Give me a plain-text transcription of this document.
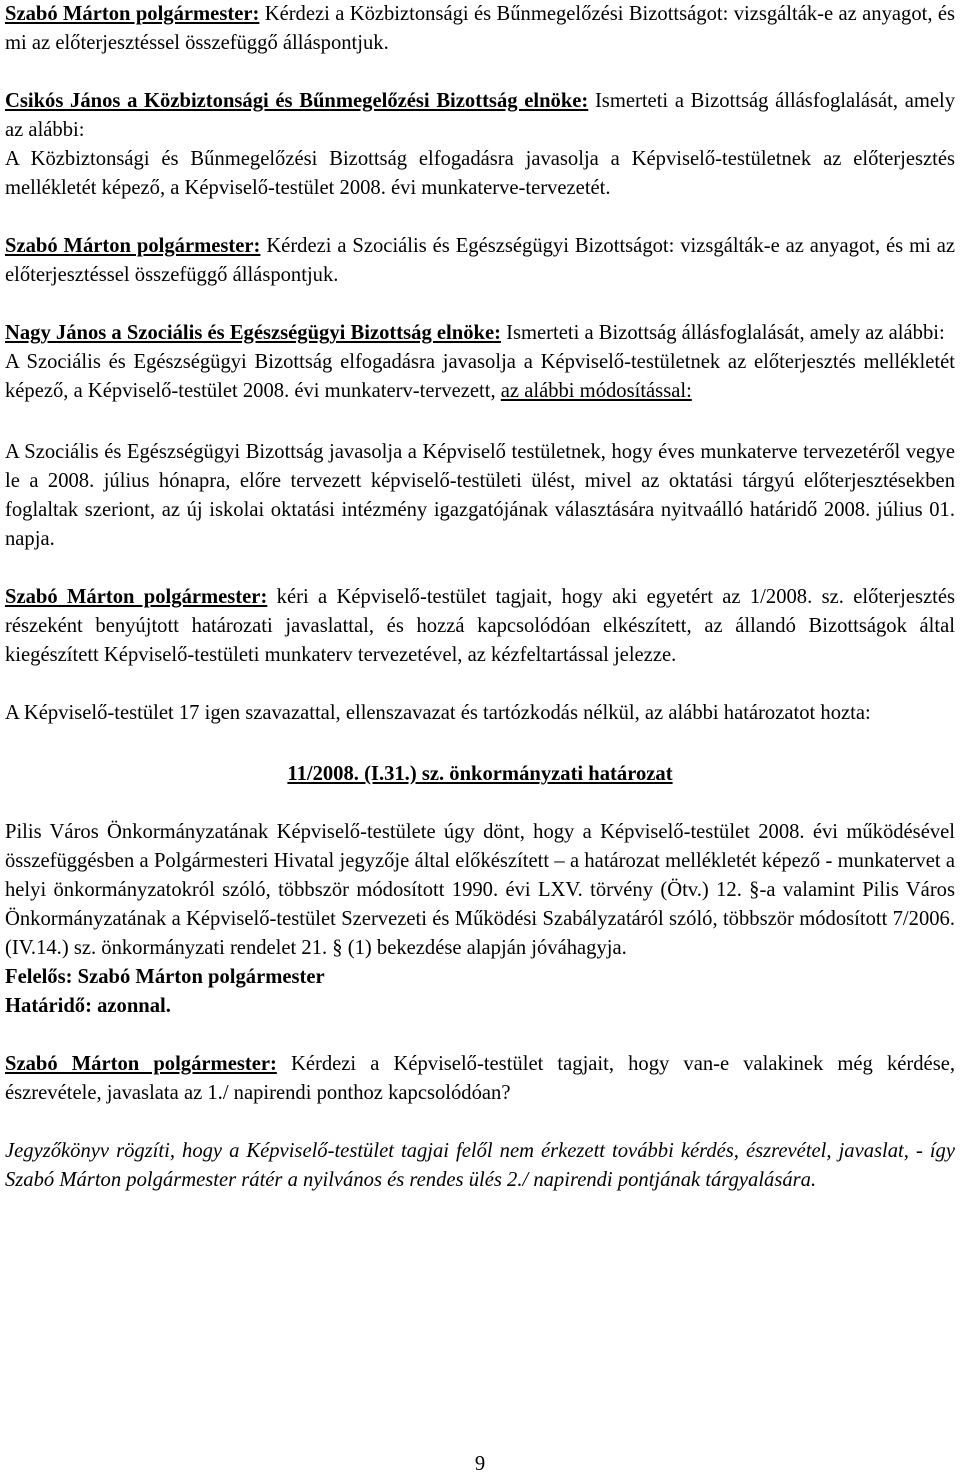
Szabó Márton polgármester: Kérdezi a Közbiztonsági és Bűnmegelőzési Bizottságot: vizsgálták-e az anyagot, és mi az előterjesztéssel összefüggő álláspontjuk.

Csikós János a Közbiztonsági és Bűnmegelőzési Bizottság elnöke: Ismerteti a Bizottság állásfoglalását, amely az alábbi:

A Közbiztonsági és Bűnmegelőzési Bizottság elfogadásra javasolja a Képviselő-testületnek az előterjesztés mellékletét képező, a Képviselő-testület 2008. évi munkaterve-tervezetét.

Szabó Márton polgármester: Kérdezi a Szociális és Egészségügyi Bizottságot: vizsgálták-e az anyagot, és mi az előterjesztéssel összefüggő álláspontjuk.

Nagy János a Szociális és Egészségügyi Bizottság elnöke: Ismerteti a Bizottság állásfoglalását, amely az alábbi:

A Szociális és Egészségügyi Bizottság elfogadásra javasolja a Képviselő-testületnek az előterjesztés mellékletét képező, a Képviselő-testület 2008. évi munkaterv-tervezett, az alábbi módosítással:

A Szociális és Egészségügyi Bizottság javasolja a Képviselő testületnek, hogy éves munkaterve tervezetéről vegye le a 2008. július hónapra, előre tervezett képviselő-testületi ülést, mivel az oktatási tárgyú előterjesztésekben foglaltak szeriont, az új iskolai oktatási intézmény igazgatójának választására nyitvaálló határidő 2008. július 01. napja.

Szabó Márton polgármester: kéri a Képviselő-testület tagjait, hogy aki egyetért az 1/2008. sz. előterjesztés részeként benyújtott határozati javaslattal, és hozzá kapcsolódóan elkészített, az állandó Bizottságok által kiegészített Képviselő-testületi munkaterv tervezetével, az kézfeltartással jelezze.

A Képviselő-testület 17 igen szavazattal, ellenszavazat és tartózkodás nélkül, az alábbi határozatot hozta:

11/2008. (I.31.) sz. önkormányzati határozat

Pilis Város Önkormányzatának Képviselő-testülete úgy dönt, hogy a Képviselő-testület 2008. évi működésével összefüggésben a Polgármesteri Hivatal jegyzője által előkészített – a határozat mellékletét képező - munkatervet a helyi önkormányzatokról szóló, többször módosított 1990. évi LXV. törvény (Ötv.) 12. §-a valamint Pilis Város Önkormányzatának a Képviselő-testület Szervezeti és Működési Szabályzatáról szóló, többször módosított 7/2006. (IV.14.) sz. önkormányzati rendelet 21. § (1) bekezdése alapján jóváhagyja.

Felelős: Szabó Márton polgármester

Határidő: azonnal.

Szabó Márton polgármester: Kérdezi a Képviselő-testület tagjait, hogy van-e valakinek még kérdése, észrevétele, javaslata az 1./ napirendi ponthoz kapcsolódóan?

Jegyzőkönyv rögzíti, hogy a Képviselő-testület tagjai felől nem érkezett további kérdés, észrevétel, javaslat, - így Szabó Márton polgármester rátér a nyilvános és rendes ülés 2./ napirendi pontjának tárgyalására.

9
